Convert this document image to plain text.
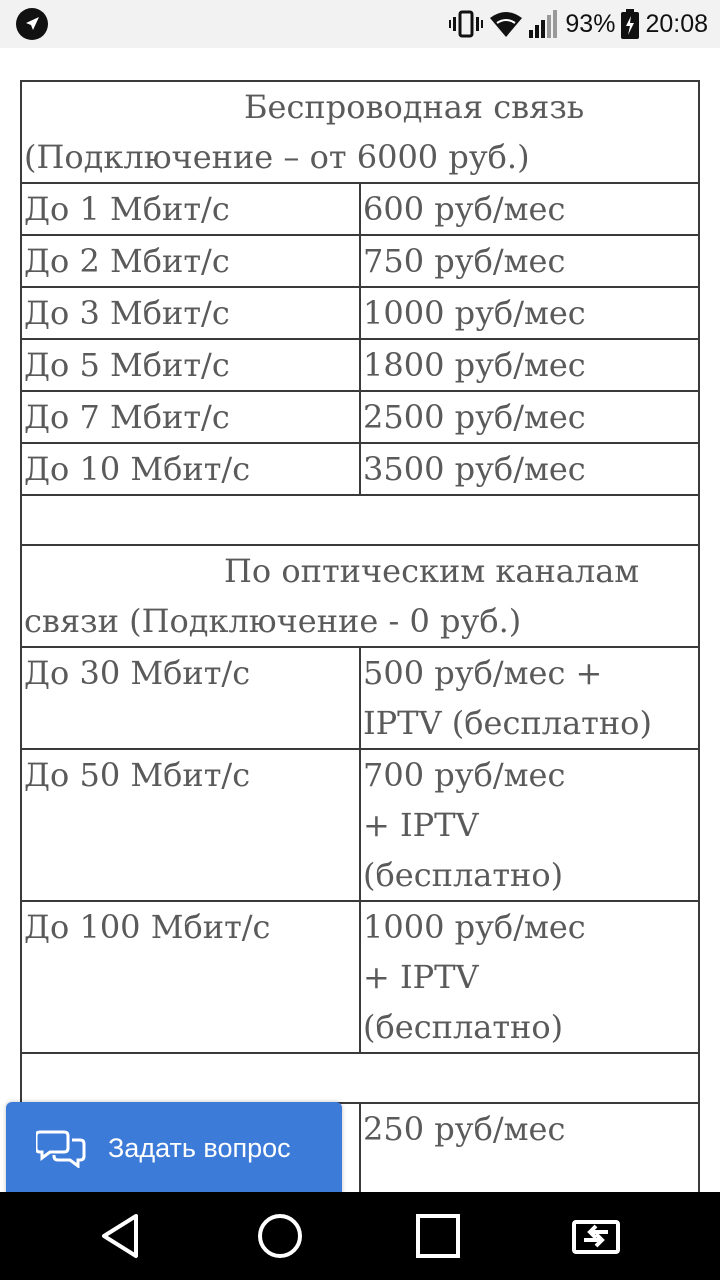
93% 20:08
Беспроводная связь
(Подключение – от 6000 руб.)	
До 1 Мбит/с	600 руб/мес
До 2 Мбит/с	750 руб/мес
До 3 Мбит/с	1000 руб/мес
До 5 Мбит/с	1800 руб/мес
До 7 Мбит/с	2500 руб/мес
До 10 Мбит/с	3500 руб/мес

По оптическим каналам
связи (Подключение - 0 руб.)	
До 30 Мбит/с	500 руб/мес +
IPTV (бесплатно)
До 50 Мбит/с	700 руб/мес
+ IPTV
(бесплатно)
До 100 Мбит/с	1000 руб/мес
+ IPTV
(бесплатно)

	250 руб/мес
Задать вопрос
